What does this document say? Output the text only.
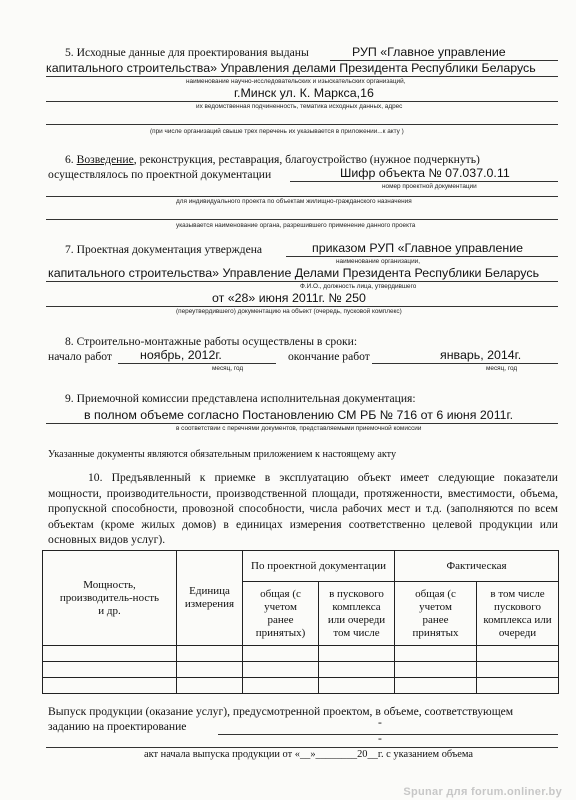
5. Исходные данные для проектирования выданы	РУП «Главное управление
капитального строительства» Управления делами Президента Республики Беларусь
наименование научно-исследовательских и изыскательских организаций,
г.Минск ул. К. Маркса,16
их ведомственная подчиненность, тематика исходных данных, адрес
(при числе организаций свыше трех перечень их указывается в приложении...к акту )
6. Возведение, реконструкция, реставрация, благоустройство (нужное подчеркнуть)
осуществлялось по проектной документации	Шифр объекта № 07.037.0.11
номер проектной документации
для индивидуального проекта по объектам жилищно-гражданского назначения
указывается наименование органа, разрешившего применение данного проекта
7. Проектная документация утверждена	приказом РУП «Главное управление
наименование организации,
капитального строительства» Управление Делами Президента Республики Беларусь
Ф.И.О., должность лица, утвердившего
от «28» июня 2011г. № 250
(переутвердившего) документацию на объект (очередь, пусковой комплекс)
8. Строительно-монтажные работы осуществлены в сроки:
начало работ ноябрь, 2012г.
месяц, год
окончание работ	январь, 2014г.
месяц, год
9. Приемочной комиссии представлена исполнительная документация:
в полном объеме согласно Постановлению СМ РБ № 716 от 6 июня 2011г.
в соответствии с перечнями документов, представляемыми приемочной комиссии
Указанные документы являются обязательным приложением к настоящему акту
10. Предъявленный к приемке в эксплуатацию объект имеет следующие показатели мощности, производительности, производственной площади, протяженности, вместимости, объема, пропускной способности, провозной способности, числа рабочих мест и т.д. (заполняются по всем объектам (кроме жилых домов) в единицах измерения соответственно целевой продукции или основных видов услуг).
Мощность, производитель-ность и др.	Единица измерения	По проектной документации		Фактическая	
		общая (с учетом ранее принятых)	в пускового комплекса или очереди том числе	общая (с учетом ранее принятых	в том числе пускового комплекса или очереди

Выпуск продукции (оказание услуг), предусмотренной проектом, в объеме, соответствующем
заданию на проектирование	-
-
акт начала выпуска продукции от «__»________20__г. с указанием объема
Spunar для forum.onliner.by
